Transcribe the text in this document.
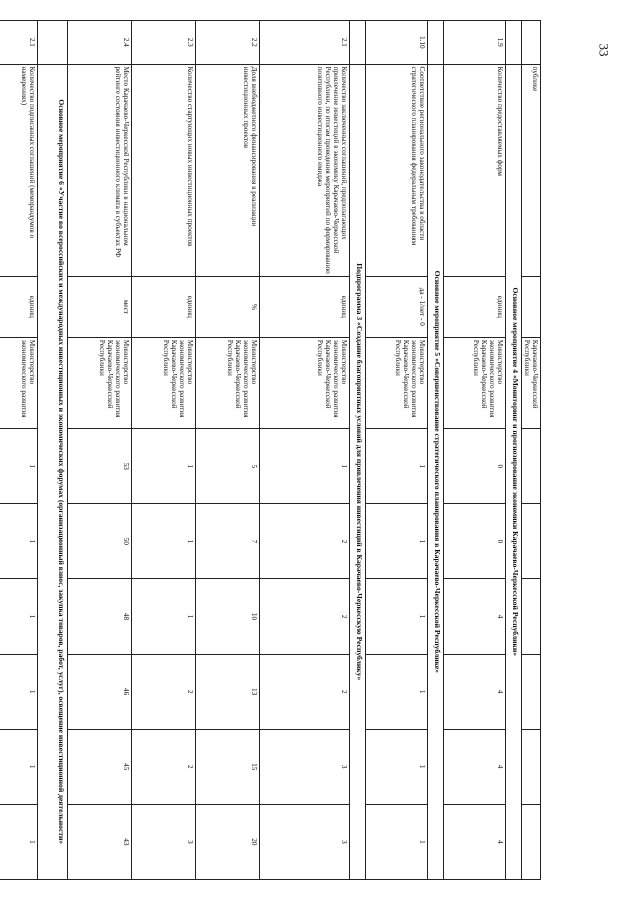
33
	публике		Карачаево-Черкесской Республики						
	Основное мероприятие 4 «Мониторинг и прогнозирование экономики Карачаево-Черкесской Республики»								
1.9	Количество предоставляемых форм	единиц	Министерство экономического развития Карачаево-Черкесской Республики	0	0	4	4	4	4
	Основное мероприятие 5 «Совершенствование стратегического планирования в Карачаево-Черкесской Республике»								
1.10	Соответствие регионального законодательства в области стратегического планирования федеральным требованиям	да - 1/нет - 0	Министерство экономического развития Карачаево-Черкесской Республики	1	1	1	1	1	1
	Подпрограмма 3 «Создание благоприятных условий для привлечения инвестиций в Карачаево-Черкесскую Республику»								
2.1	Количество заключенных соглашений, предполагающих привлечение инвестиций в экономику Карачаево-Черкесской Республики, по итогам проведения мероприятий по формированию позитивного инвестиционного имиджа	единиц	Министерство экономического развития Карачаево-Черкесской Республики	1	2	2	2	3	3
2.2	Доля внебюджетного финансирования в реализации инвестиционных проектов	%	Министерство экономического развития Карачаево-Черкесской Республики	5	7	10	13	15	20
2.3	Количество стартующих новых инвестиционных проектов	единиц	Министерство экономического развития Карачаево-Черкесской Республики	1	1	1	2	2	3
2.4	Место Карачаево-Черкесской Республики в национальном рейтинге состояния инвестиционного климата в субъектах РФ	мест	Министерство экономического развития Карачаево-Черкесской Республики	53	50	48	46	45	43
	Основное мероприятие 6 «Участие во всероссийских и международных инвестиционных и экономических форумах (организационный взнос, закупка товаров, работ, услуг), освещение инвестиционной деятельности»								
2.1	Количество подписанных соглашений (меморандумов о намерениях)	единиц	Министерство экономического развития	1	1	1	1	1	1
